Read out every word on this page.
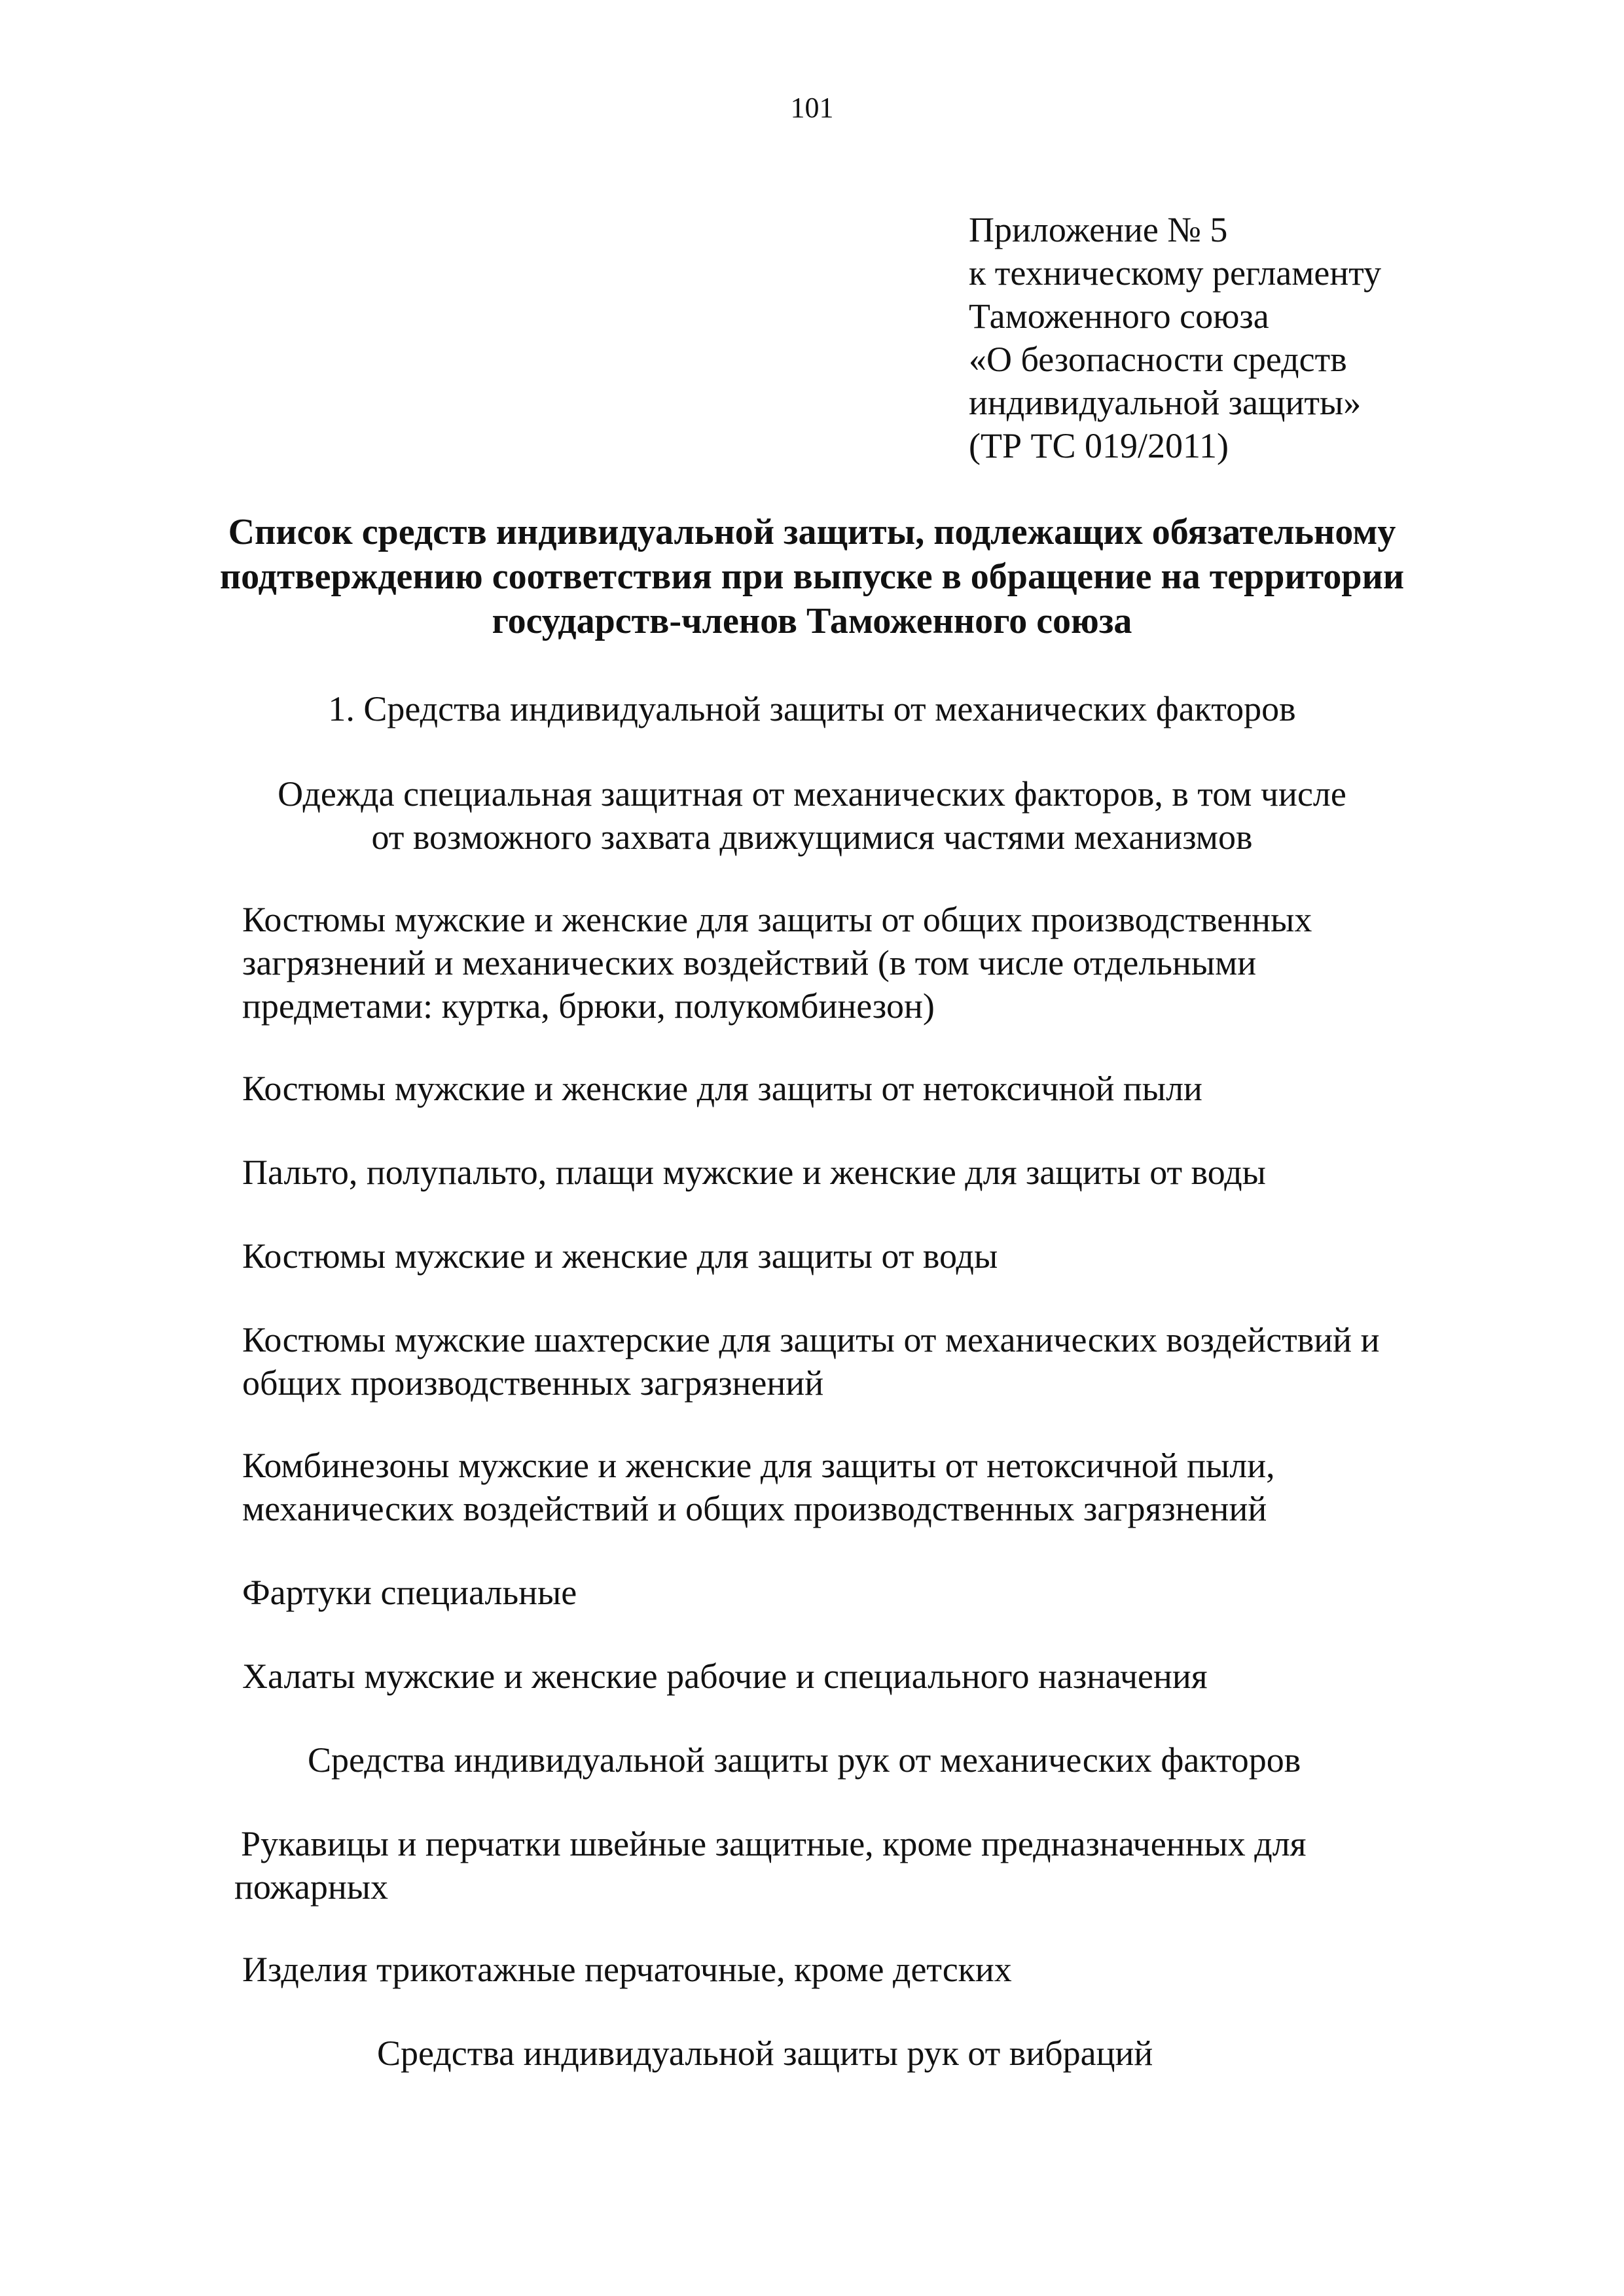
101
Приложение № 5
к техническому регламенту
Таможенного союза
«О безопасности средств
индивидуальной защиты»
(ТР ТС 019/2011)
Список средств индивидуальной защиты, подлежащих обязательному
подтверждению соответствия при выпуске в обращение на территории
государств-членов Таможенного союза
1. Средства индивидуальной защиты от механических факторов
Одежда специальная защитная от механических факторов, в том числе
от возможного захвата движущимися частями механизмов
Костюмы мужские и женские для защиты от общих производственных
загрязнений и механических воздействий (в том числе отдельными
предметами: куртка, брюки, полукомбинезон)
Костюмы мужские и женские для защиты от нетоксичной пыли
Пальто, полупальто, плащи мужские и женские для защиты от воды
Костюмы мужские и женские для защиты от воды
Костюмы мужские шахтерские для защиты от механических воздействий и
общих производственных загрязнений
Комбинезоны мужские и женские для защиты от нетоксичной пыли,
механических воздействий и общих производственных загрязнений
Фартуки специальные
Халаты мужские и женские рабочие и специального назначения
Средства индивидуальной защиты рук от механических факторов
Рукавицы и перчатки швейные защитные, кроме предназначенных для
пожарных
Изделия трикотажные перчаточные, кроме детских
Средства индивидуальной защиты рук от вибраций
